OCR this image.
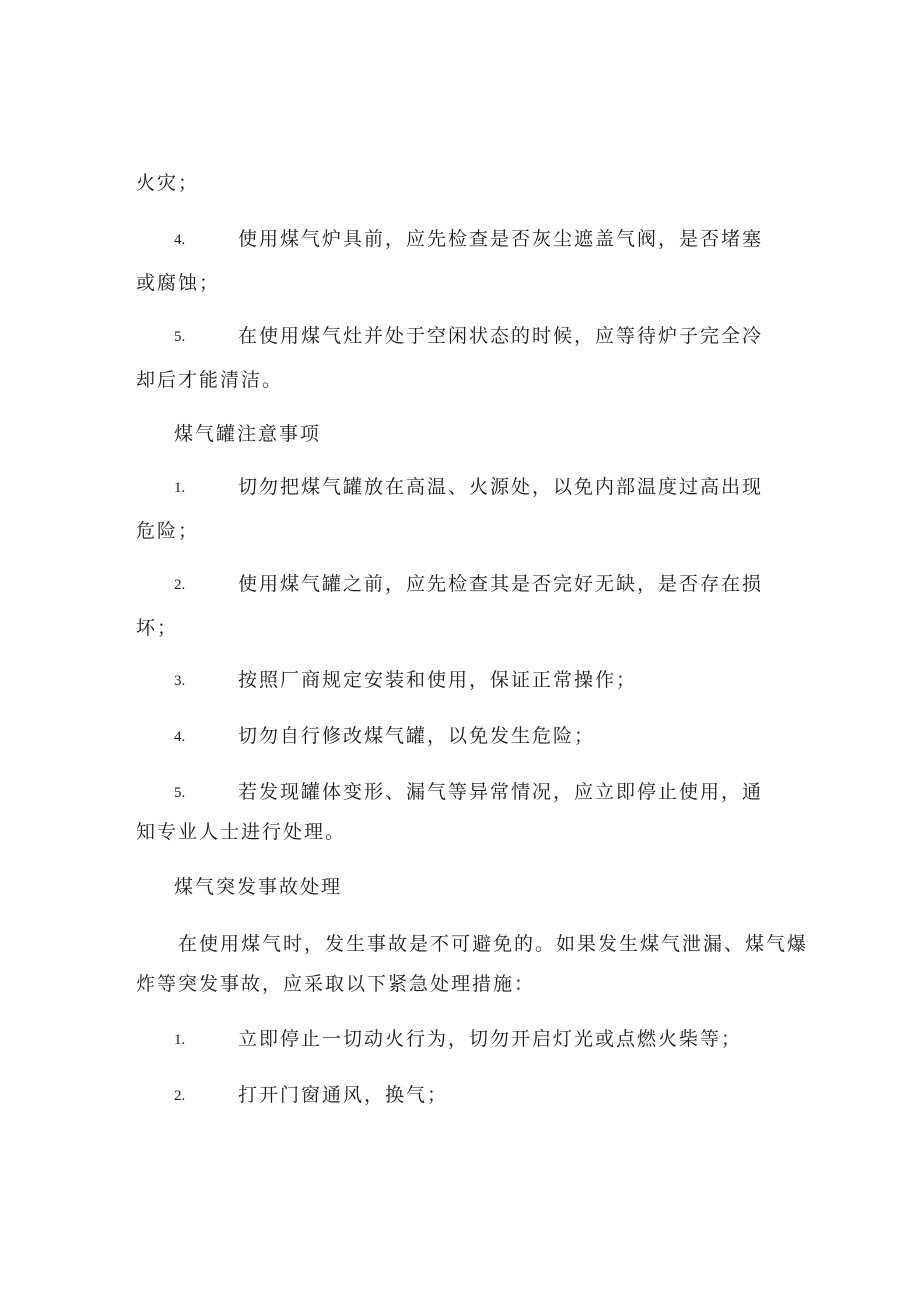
火灾；
4.	使用煤气炉具前，应先检查是否灰尘遮盖气阀，是否堵塞
或腐蚀；
5.	在使用煤气灶并处于空闲状态的时候，应等待炉子完全冷
却后才能清洁。
煤气罐注意事项
1.	切勿把煤气罐放在高温、火源处，以免内部温度过高出现
危险；
2.	使用煤气罐之前，应先检查其是否完好无缺，是否存在损
坏；
3.	按照厂商规定安装和使用，保证正常操作；
4.	切勿自行修改煤气罐，以免发生危险；
5.	若发现罐体变形、漏气等异常情况，应立即停止使用，通
知专业人士进行处理。
煤气突发事故处理
在使用煤气时，发生事故是不可避免的。如果发生煤气泄漏、煤气爆
炸等突发事故，应采取以下紧急处理措施：
1.	立即停止一切动火行为，切勿开启灯光或点燃火柴等；
2.	打开门窗通风，换气；
